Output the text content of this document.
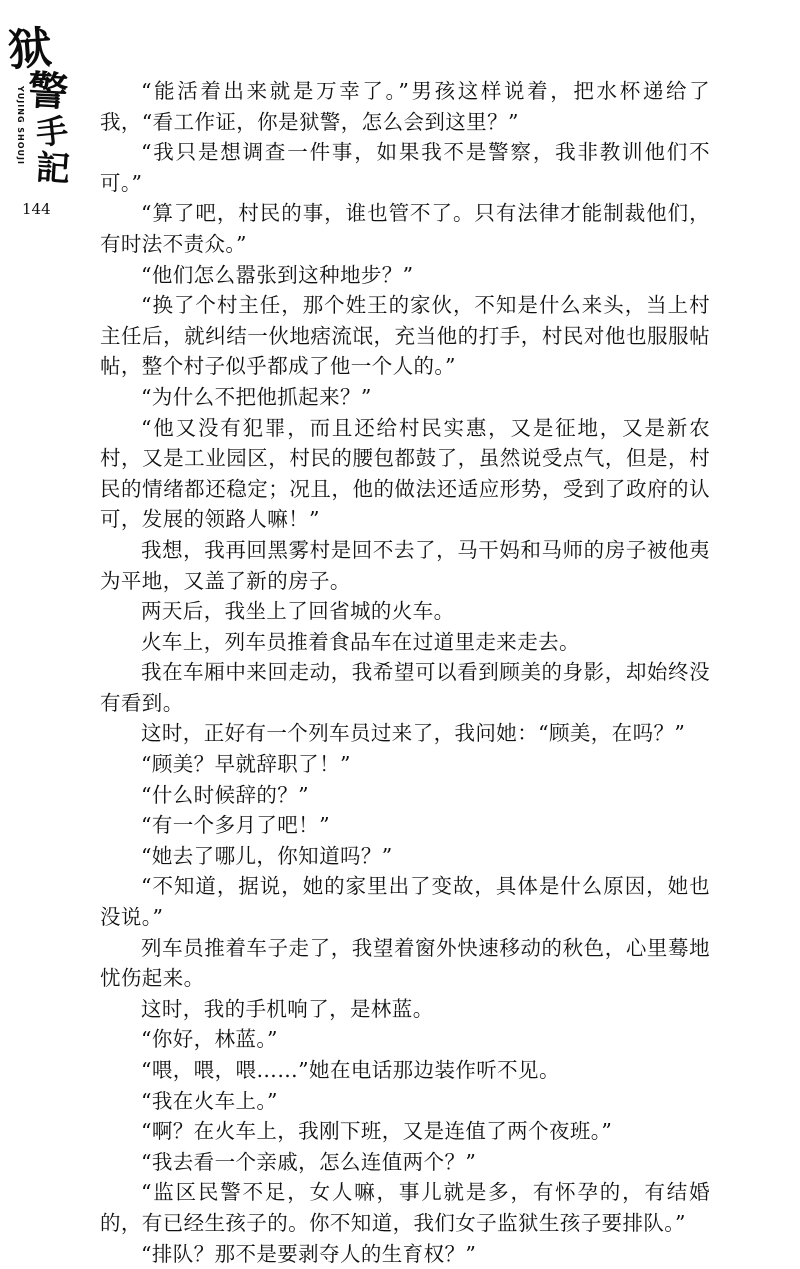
狱
警
手
記
YUJING SHOUJI
144

“能活着出来就是万幸了。”男孩这样说着，把水杯递给了我，“看工作证，你是狱警，怎么会到这里？”

“我只是想调查一件事，如果我不是警察，我非教训他们不可。”

“算了吧，村民的事，谁也管不了。只有法律才能制裁他们，有时法不责众。”

“他们怎么嚣张到这种地步？”

“换了个村主任，那个姓王的家伙，不知是什么来头，当上村主任后，就纠结一伙地痞流氓，充当他的打手，村民对他也服服帖帖，整个村子似乎都成了他一个人的。”

“为什么不把他抓起来？”

“他又没有犯罪，而且还给村民实惠，又是征地，又是新农村，又是工业园区，村民的腰包都鼓了，虽然说受点气，但是，村民的情绪都还稳定；况且，他的做法还适应形势，受到了政府的认可，发展的领路人嘛！”

我想，我再回黑雾村是回不去了，马干妈和马师的房子被他夷为平地，又盖了新的房子。

两天后，我坐上了回省城的火车。

火车上，列车员推着食品车在过道里走来走去。

我在车厢中来回走动，我希望可以看到顾美的身影，却始终没有看到。

这时，正好有一个列车员过来了，我问她：“顾美，在吗？”

“顾美？早就辞职了！”

“什么时候辞的？”

“有一个多月了吧！”

“她去了哪儿，你知道吗？”

“不知道，据说，她的家里出了变故，具体是什么原因，她也没说。”

列车员推着车子走了，我望着窗外快速移动的秋色，心里蓦地忧伤起来。

这时，我的手机响了，是林蓝。

“你好，林蓝。”

“喂，喂，喂……”她在电话那边装作听不见。

“我在火车上。”

“啊？在火车上，我刚下班，又是连值了两个夜班。”

“我去看一个亲戚，怎么连值两个？”

“监区民警不足，女人嘛，事儿就是多，有怀孕的，有结婚的，有已经生孩子的。你不知道，我们女子监狱生孩子要排队。”

“排队？那不是要剥夺人的生育权？”
